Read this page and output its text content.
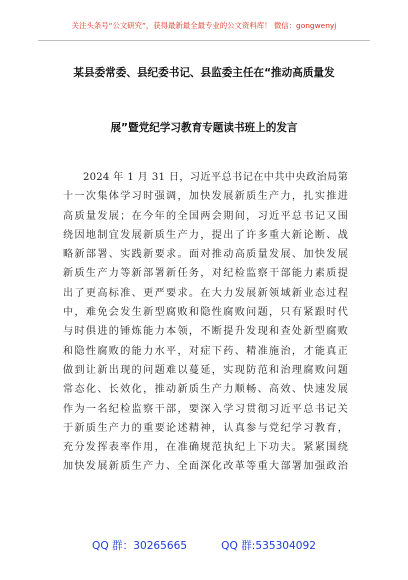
关注头条号“公文研究”，获得最新最全最专业的公文资料库！ 微信：gongwenyj
某县委常委、县纪委书记、县监委主任在“推动高质量发
展”暨党纪学习教育专题读书班上的发言
2024 年 1 月 31 日，习近平总书记在中共中央政治局第
十一次集体学习时强调，加快发展新质生产力，扎实推进
高质量发展；在今年的全国两会期间，习近平总书记又围
绕因地制宜发展新质生产力，提出了许多重大新论断、战
略新部署、实践新要求。面对推动高质量发展、加快发展
新质生产力等新部署新任务，对纪检监察干部能力素质提
出了更高标准、更严要求。在大力发展新领域新业态过程
中，难免会发生新型腐败和隐性腐败问题，只有紧跟时代
与时俱进的锤炼能力本领，不断提升发现和查处新型腐败
和隐性腐败的能力水平，对症下药、精准施治，才能真正
做到让新出现的问题难以蔓延，实现防范和治理腐败问题
常态化、长效化，推动新质生产力顺畅、高效、快速发展
作为一名纪检监察干部，要深入学习贯彻习近平总书记关
于新质生产力的重要论述精神，认真参与党纪学习教育，
充分发挥表率作用，在准确规范执纪上下功夫。紧紧围绕
加快发展新质生产力、全面深化改革等重大部署加强政治
QQ 群：30265665	QQ 群:535304092
